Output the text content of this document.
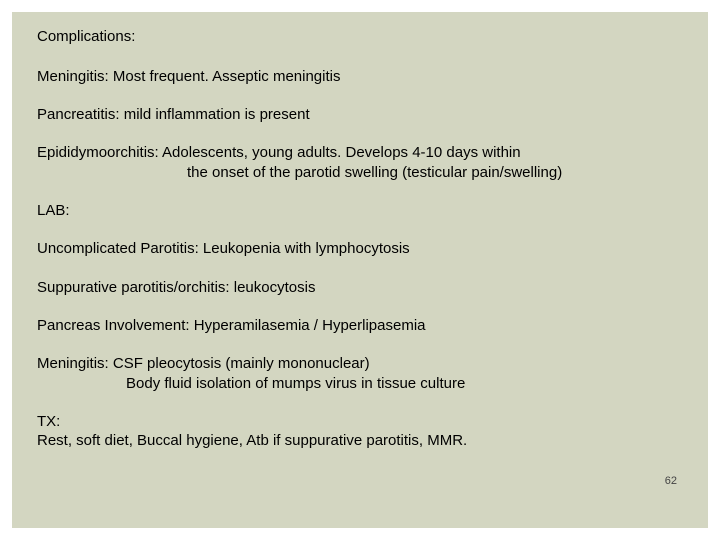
Complications:
Meningitis: Most frequent. Asseptic meningitis
Pancreatitis: mild inflammation is present
Epididymoorchitis: Adolescents, young adults. Develops 4-10 days within
the onset of the parotid swelling (testicular pain/swelling)
LAB:
Uncomplicated Parotitis: Leukopenia with lymphocytosis
Suppurative parotitis/orchitis: leukocytosis
Pancreas Involvement: Hyperamilasemia / Hyperlipasemia
Meningitis: CSF pleocytosis (mainly mononuclear)
Body fluid isolation of mumps virus in tissue culture
TX:
Rest, soft diet, Buccal hygiene, Atb if suppurative parotitis, MMR.
62
